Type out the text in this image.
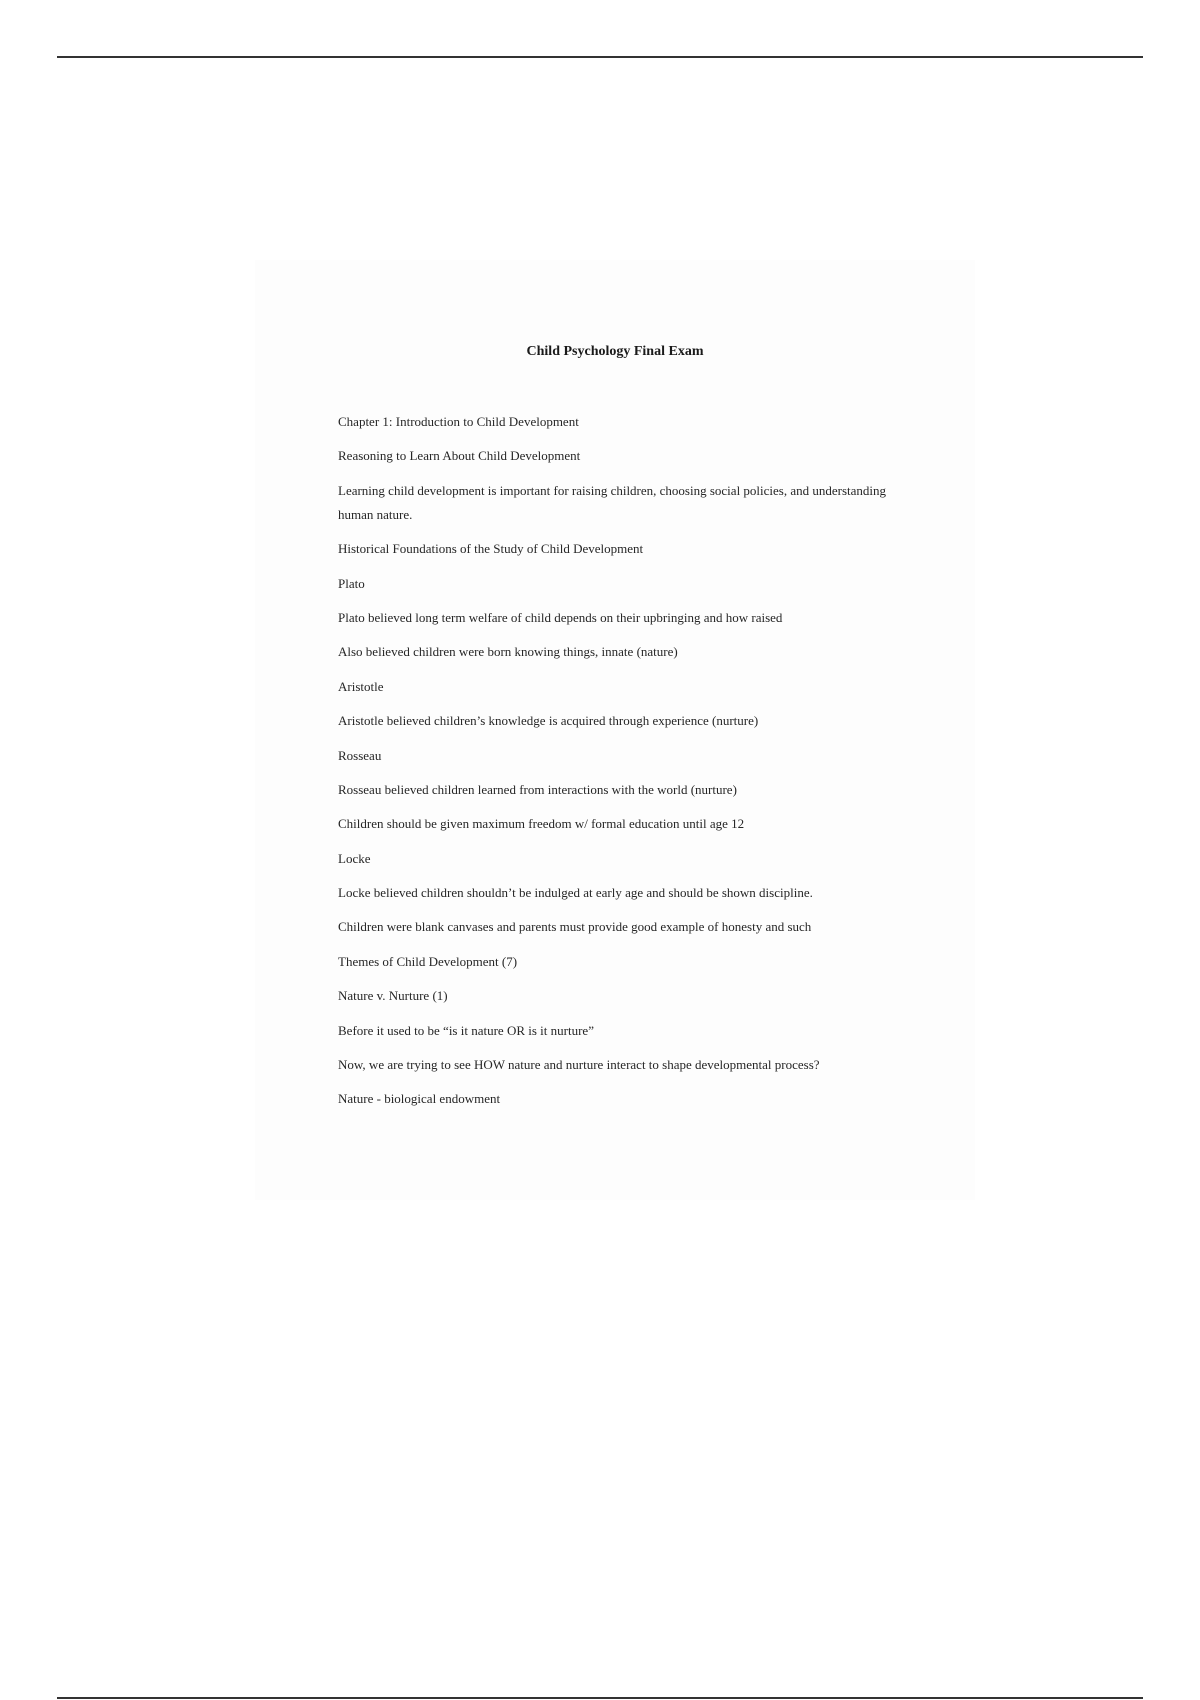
Child Psychology Final Exam
Chapter 1: Introduction to Child Development
Reasoning to Learn About Child Development
Learning child development is important for raising children, choosing social policies, and understanding human nature.
Historical Foundations of the Study of Child Development
Plato
Plato believed long term welfare of child depends on their upbringing and how raised
Also believed children were born knowing things, innate (nature)
Aristotle
Aristotle believed children’s knowledge is acquired through experience (nurture)
Rosseau
Rosseau believed children learned from interactions with the world (nurture)
Children should be given maximum freedom w/ formal education until age 12
Locke
Locke believed children shouldn’t be indulged at early age and should be shown discipline.
Children were blank canvases and parents must provide good example of honesty and such
Themes of Child Development (7)
Nature v. Nurture (1)
Before it used to be “is it nature OR is it nurture”
Now, we are trying to see HOW nature and nurture interact to shape developmental process?
Nature - biological endowment
